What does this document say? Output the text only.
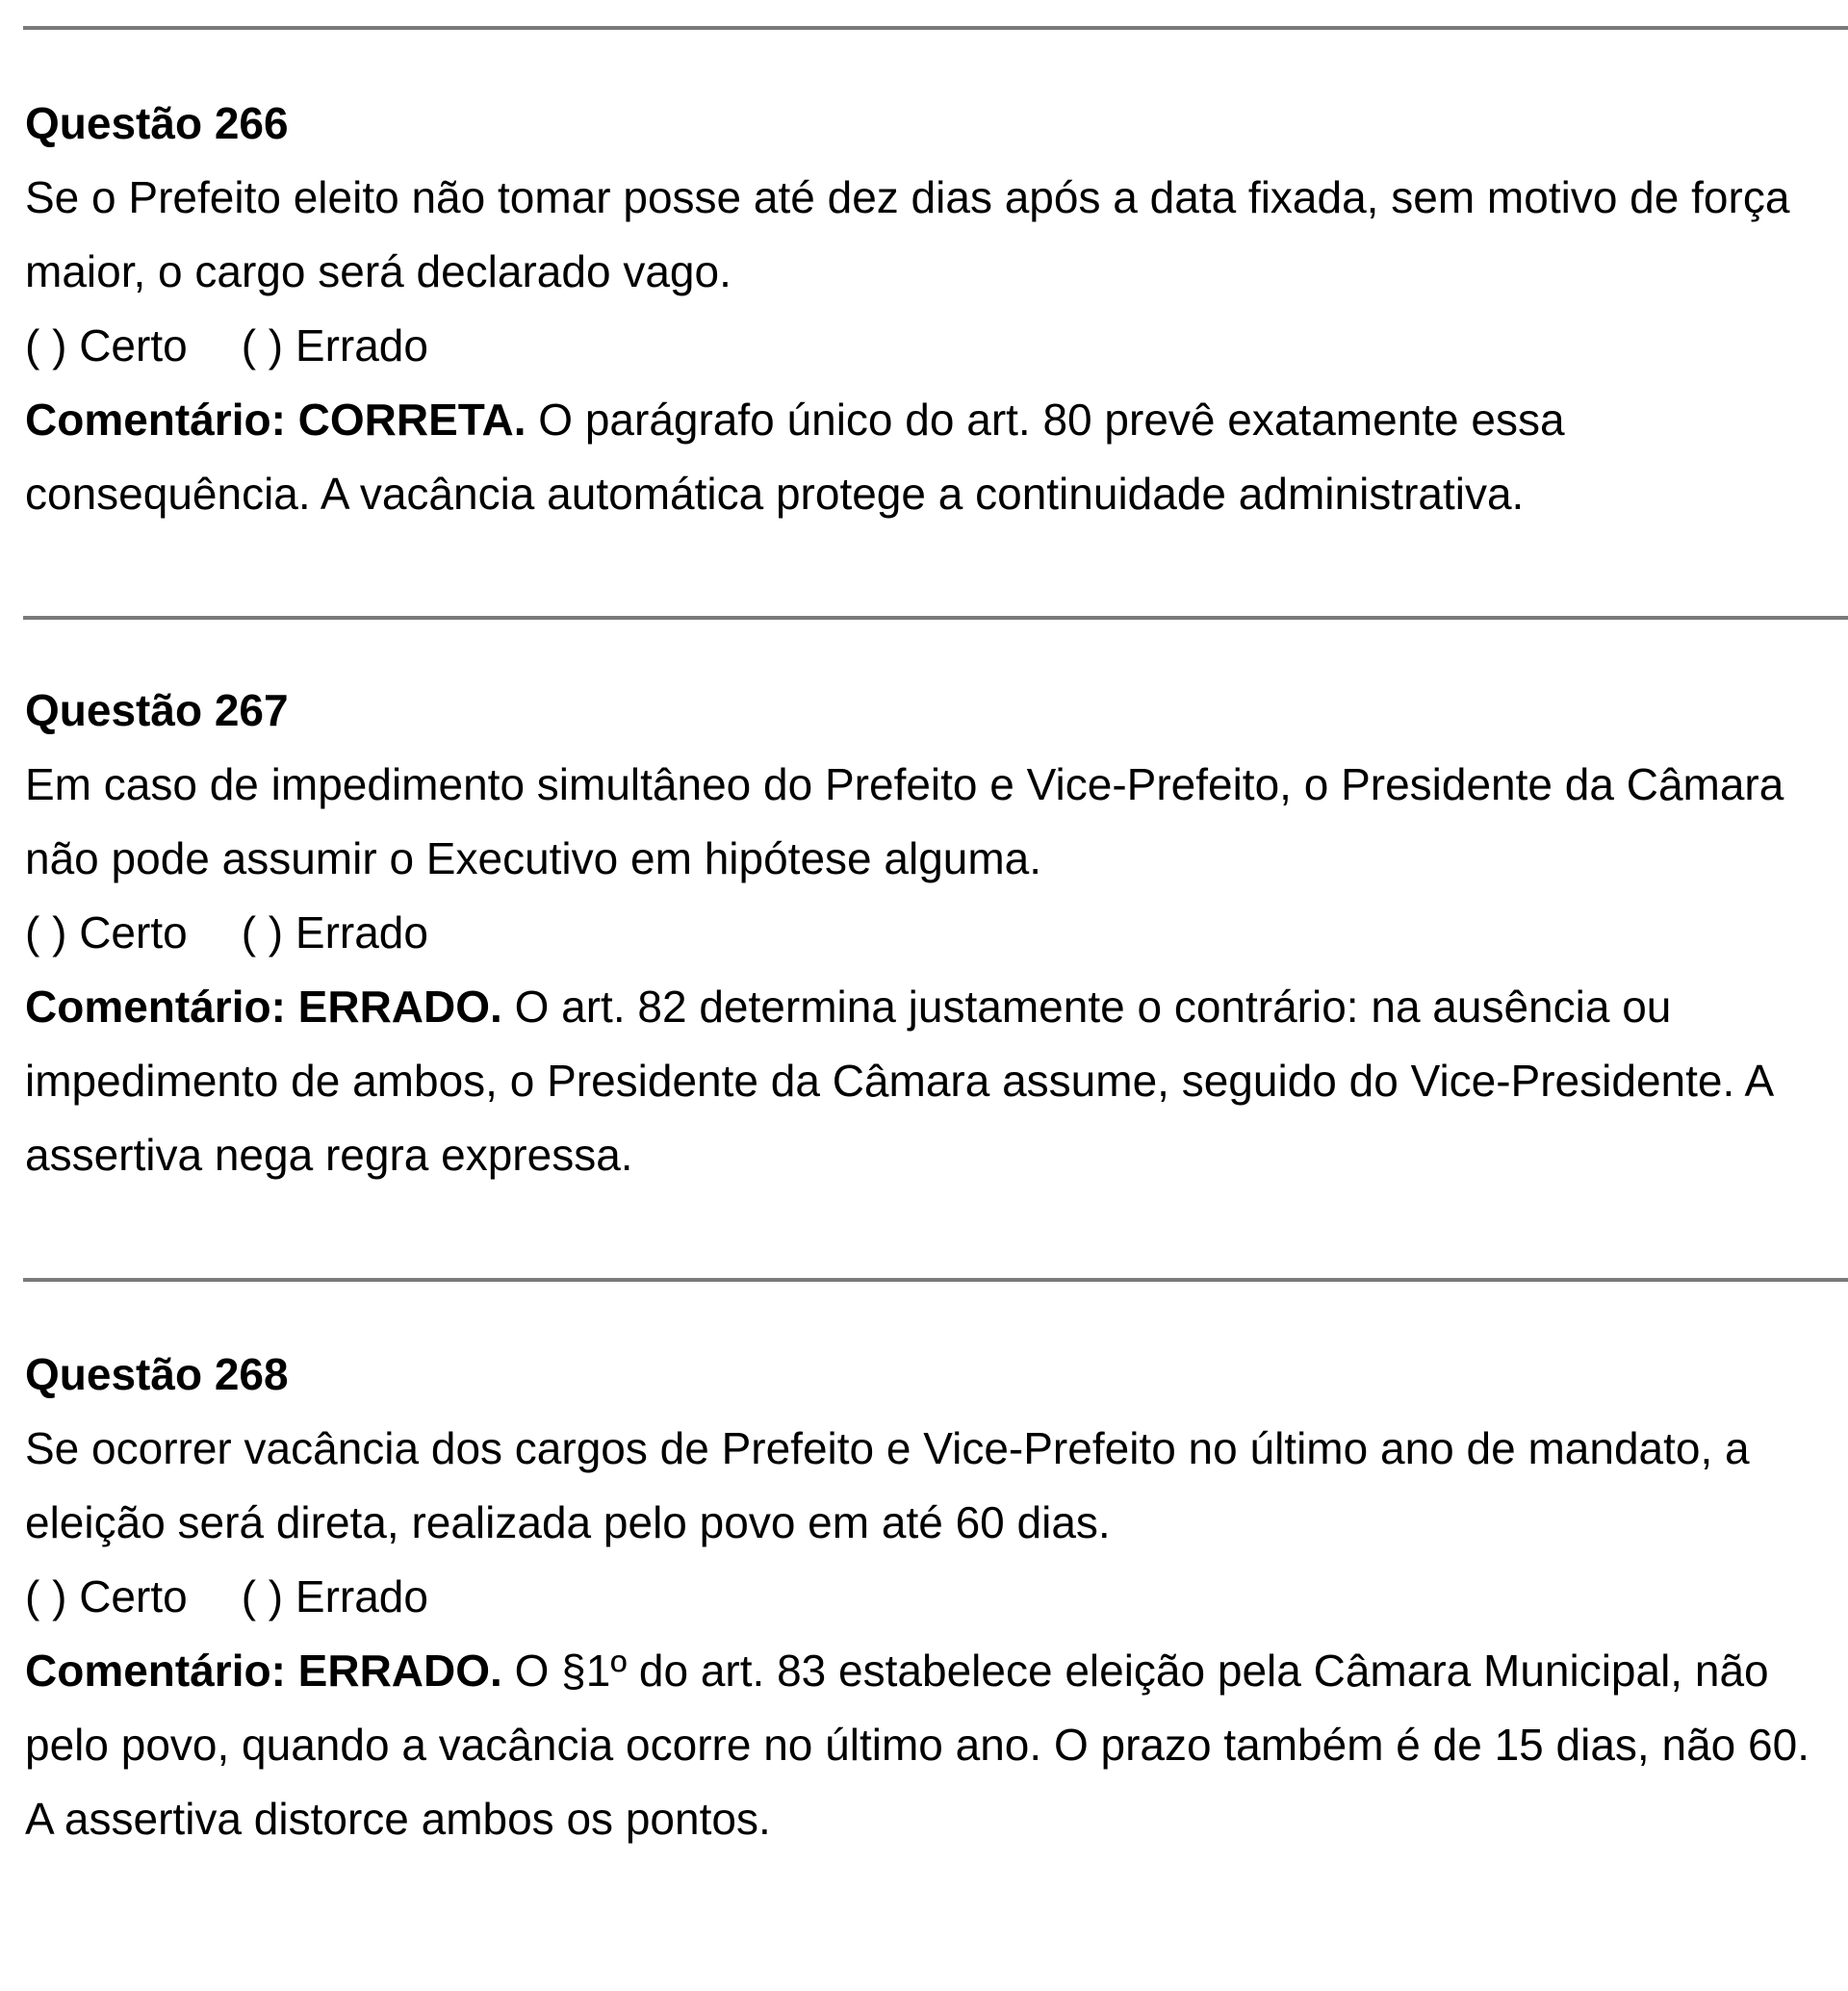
Questão 266
Se o Prefeito eleito não tomar posse até dez dias após a data fixada, sem motivo de força maior, o cargo será declarado vago.
( ) Certo ( ) Errado
Comentário: CORRETA. O parágrafo único do art. 80 prevê exatamente essa consequência. A vacância automática protege a continuidade administrativa.
Questão 267
Em caso de impedimento simultâneo do Prefeito e Vice-Prefeito, o Presidente da Câmara não pode assumir o Executivo em hipótese alguma.
( ) Certo ( ) Errado
Comentário: ERRADO. O art. 82 determina justamente o contrário: na ausência ou impedimento de ambos, o Presidente da Câmara assume, seguido do Vice-Presidente. A assertiva nega regra expressa.
Questão 268
Se ocorrer vacância dos cargos de Prefeito e Vice-Prefeito no último ano de mandato, a eleição será direta, realizada pelo povo em até 60 dias.
( ) Certo ( ) Errado
Comentário: ERRADO. O §1º do art. 83 estabelece eleição pela Câmara Municipal, não pelo povo, quando a vacância ocorre no último ano. O prazo também é de 15 dias, não 60. A assertiva distorce ambos os pontos.
